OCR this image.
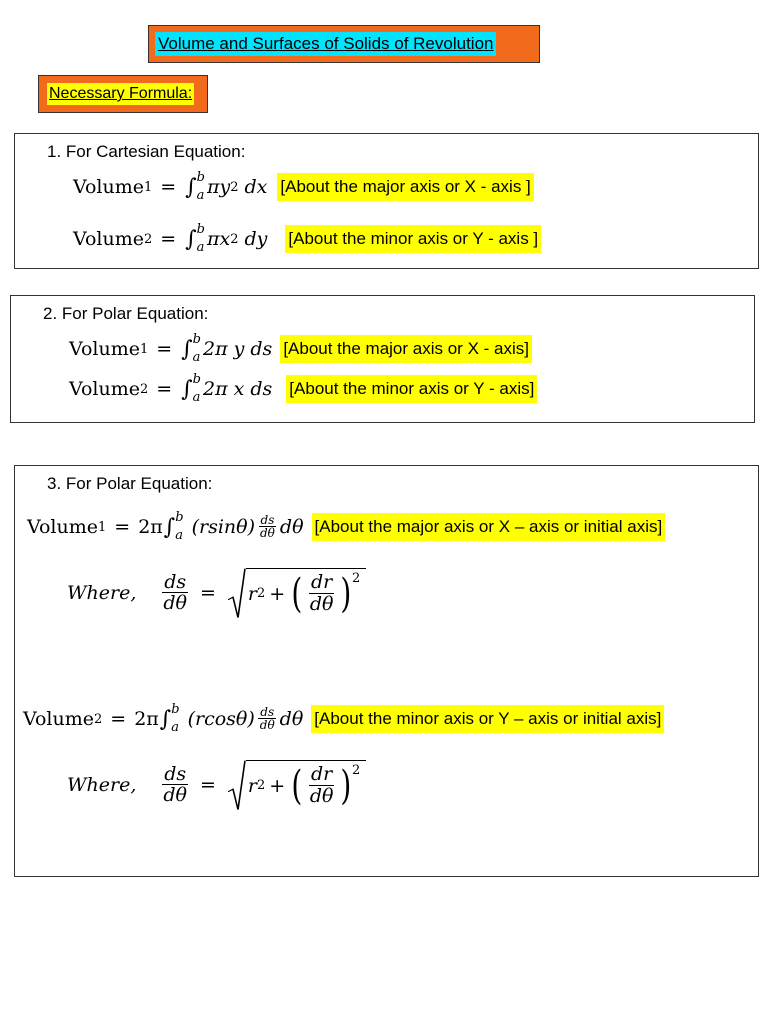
Volume and Surfaces of Solids of Revolution
Necessary Formula:
1. For Cartesian Equation:
Volume 1 = ∫ b
a πy 2 dx [About the major axis or X - axis ]
Volume 2 = ∫ b
a πx 2 dy [About the minor axis or Y - axis ]
2. For Polar Equation:
Volume 1 = ∫ b
a 2π y ds [About the major axis or X - axis]
Volume 2 = ∫ b
a 2π x ds [About the minor axis or Y - axis]
3. For Polar Equation:
Volume 1 = 2π ∫ b
a $(rsin\theta) \frac{ds}{d\theta}$ dθ [About the major axis or X – axis or initial axis]
Where, $\frac{ds}{d\theta} = r$ 2 + ( $\frac{dr}{d\theta}$ ) 2
Volume 2 = 2π ∫ b
a $(rcos\theta) \frac{ds}{d\theta}$ dθ [About the minor axis or Y – axis or initial axis]
Where, $\frac{ds}{d\theta} = r$ 2 + ( $\frac{dr}{d\theta}$ ) 2
